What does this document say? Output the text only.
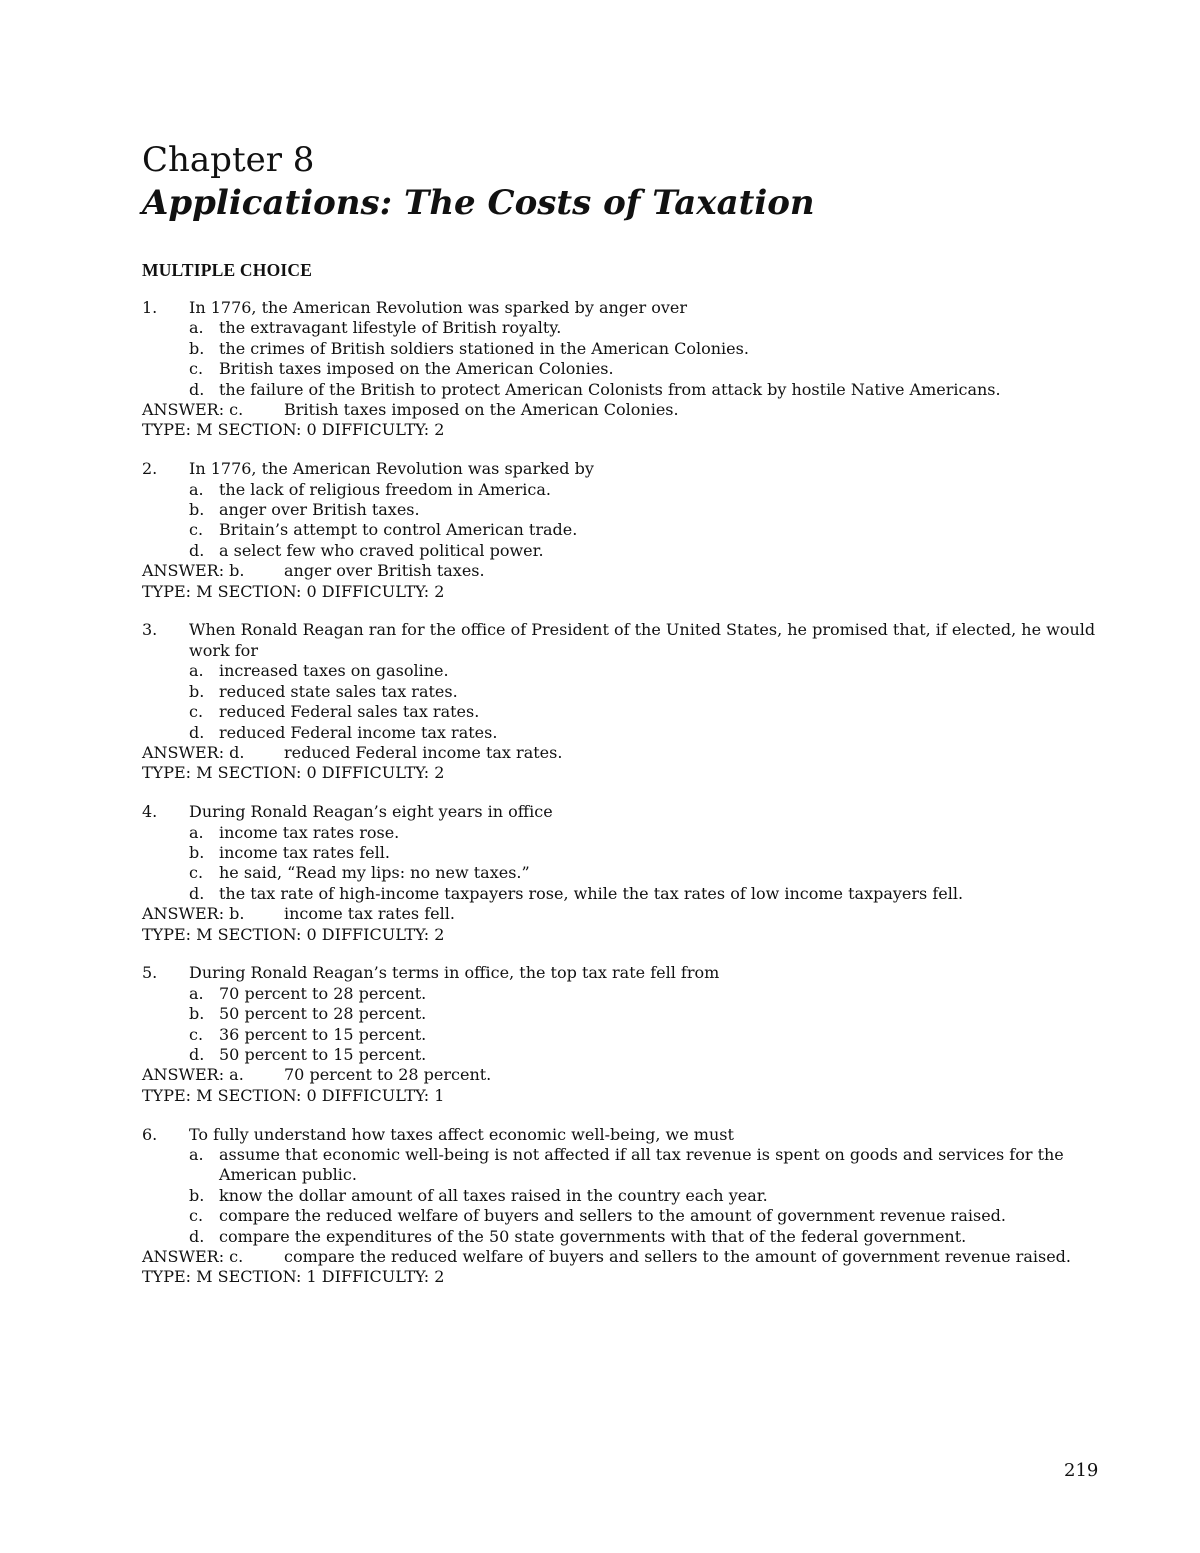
Chapter 8
Applications: The Costs of Taxation
MULTIPLE CHOICE
1. In 1776, the American Revolution was sparked by anger over
a. the extravagant lifestyle of British royalty.
b. the crimes of British soldiers stationed in the American Colonies.
c. British taxes imposed on the American Colonies.
d. the failure of the British to protect American Colonists from attack by hostile Native Americans.
ANSWER: c.	British taxes imposed on the American Colonies.
TYPE: M SECTION: 0 DIFFICULTY: 2
2. In 1776, the American Revolution was sparked by
a. the lack of religious freedom in America.
b. anger over British taxes.
c. Britain’s attempt to control American trade.
d. a select few who craved political power.
ANSWER: b. anger over British taxes.
TYPE: M SECTION: 0 DIFFICULTY: 2
3. When Ronald Reagan ran for the office of President of the United States, he promised that, if elected, he would work for
a. increased taxes on gasoline.
b. reduced state sales tax rates.
c. reduced Federal sales tax rates.
d. reduced Federal income tax rates.
ANSWER: d. reduced Federal income tax rates.
TYPE: M SECTION: 0 DIFFICULTY: 2
4. During Ronald Reagan’s eight years in office
a. income tax rates rose.
b. income tax rates fell.
c. he said, “Read my lips: no new taxes.”
d. the tax rate of high-income taxpayers rose, while the tax rates of low income taxpayers fell.
ANSWER: b. income tax rates fell.
TYPE: M SECTION: 0 DIFFICULTY: 2
5. During Ronald Reagan’s terms in office, the top tax rate fell from
a. 70 percent to 28 percent.
b. 50 percent to 28 percent.
c. 36 percent to 15 percent.
d. 50 percent to 15 percent.
ANSWER: a.	70 percent to 28 percent.
TYPE: M SECTION: 0 DIFFICULTY: 1
6. To fully understand how taxes affect economic well-being, we must
a. assume that economic well-being is not affected if all tax revenue is spent on goods and services for the American public.
b. know the dollar amount of all taxes raised in the country each year.
c. compare the reduced welfare of buyers and sellers to the amount of government revenue raised.
d. compare the expenditures of the 50 state governments with that of the federal government.
ANSWER: c.	compare the reduced welfare of buyers and sellers to the amount of government revenue raised.
TYPE: M SECTION: 1 DIFFICULTY: 2
219
